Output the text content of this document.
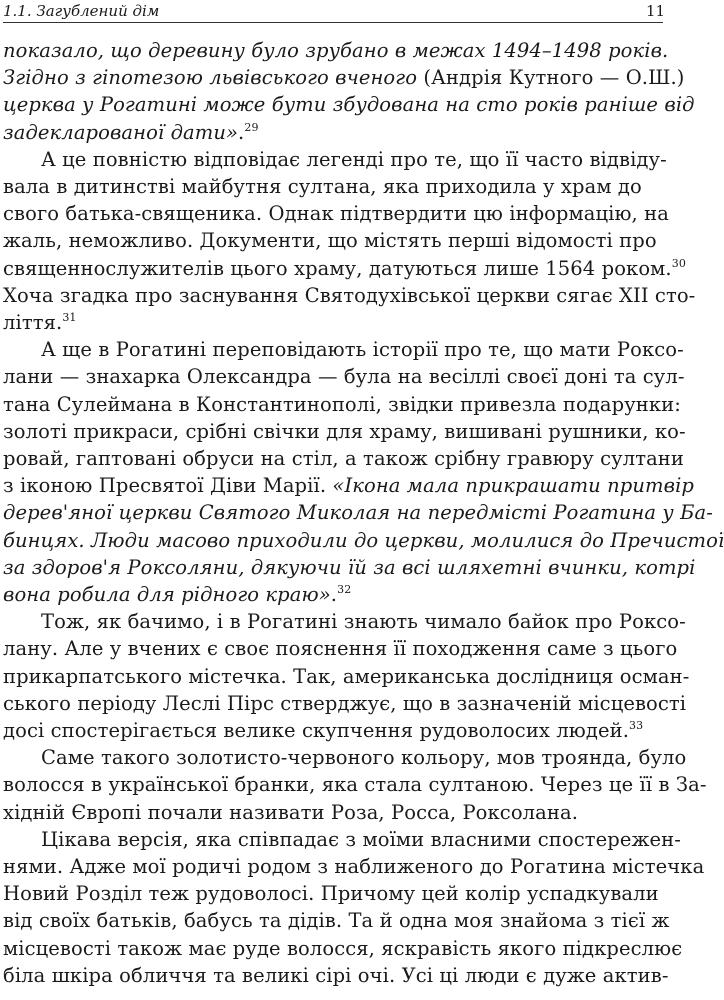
1.1. Загублений дім	11
показало, що деревину було зрубано в межах 1494–1498 років.
Згідно з гіпотезою львівського вченого (Андрія Кутного — О.Ш.)
церква у Рогатині може бути збудована на сто років раніше від
задекларованої дати».$^{29}$
А це повністю відповідає легенді про те, що її часто відвіду-
вала в дитинстві майбутня султана, яка приходила у храм до
свого батька-священика. Однак підтвердити цю інформацію, на
жаль, неможливо. Документи, що містять перші відомості про
священнослужителів цього храму, датуються лише 1564 роком.$^{30}$
Хоча згадка про заснування Святодухівської церкви сягає XII сто-
ліття.$^{31}$
А ще в Рогатині переповідають історії про те, що мати Роксо-
лани — знахарка Олександра — була на весіллі своєї доні та сул-
тана Сулеймана в Константинополі, звідки привезла подарунки:
золоті прикраси, срібні свічки для храму, вишивані рушники, ко-
ровай, гаптовані обруси на стіл, а також срібну гравюру султани
з іконою Пресвятої Діви Марії. «Ікона мала прикрашати притвір
дерев'яної церкви Святого Миколая на передмісті Рогатина у Ба-
бинцях. Люди масово приходили до церкви, молилися до Пречистої
за здоров'я Роксоляни, дякуючи їй за всі шляхетні вчинки, котрі
вона робила для рідного краю».$^{32}$
Тож, як бачимо, і в Рогатині знають чимало байок про Роксо-
лану. Але у вчених є своє пояснення її походження саме з цього
прикарпатського містечка. Так, американська дослідниця осман-
ського періоду Леслі Пірс стверджує, що в зазначеній місцевості
досі спостерігається велике скупчення рудоволосих людей.$^{33}$
Саме такого золотисто-червоного кольору, мов троянда, було
волосся в української бранки, яка стала султаною. Через це її в За-
хідній Європі почали називати Роза, Росса, Роксолана.
Цікава версія, яка співпадає з моїми власними спостережен-
нями. Адже мої родичі родом з наближеного до Рогатина містечка
Новий Розділ теж рудоволосі. Причому цей колір успадкували
від своїх батьків, бабусь та дідів. Та й одна моя знайома з тієї ж
місцевості також має руде волосся, яскравість якого підкреслює
біла шкіра обличчя та великі сірі очі. Усі ці люди є дуже актив-
